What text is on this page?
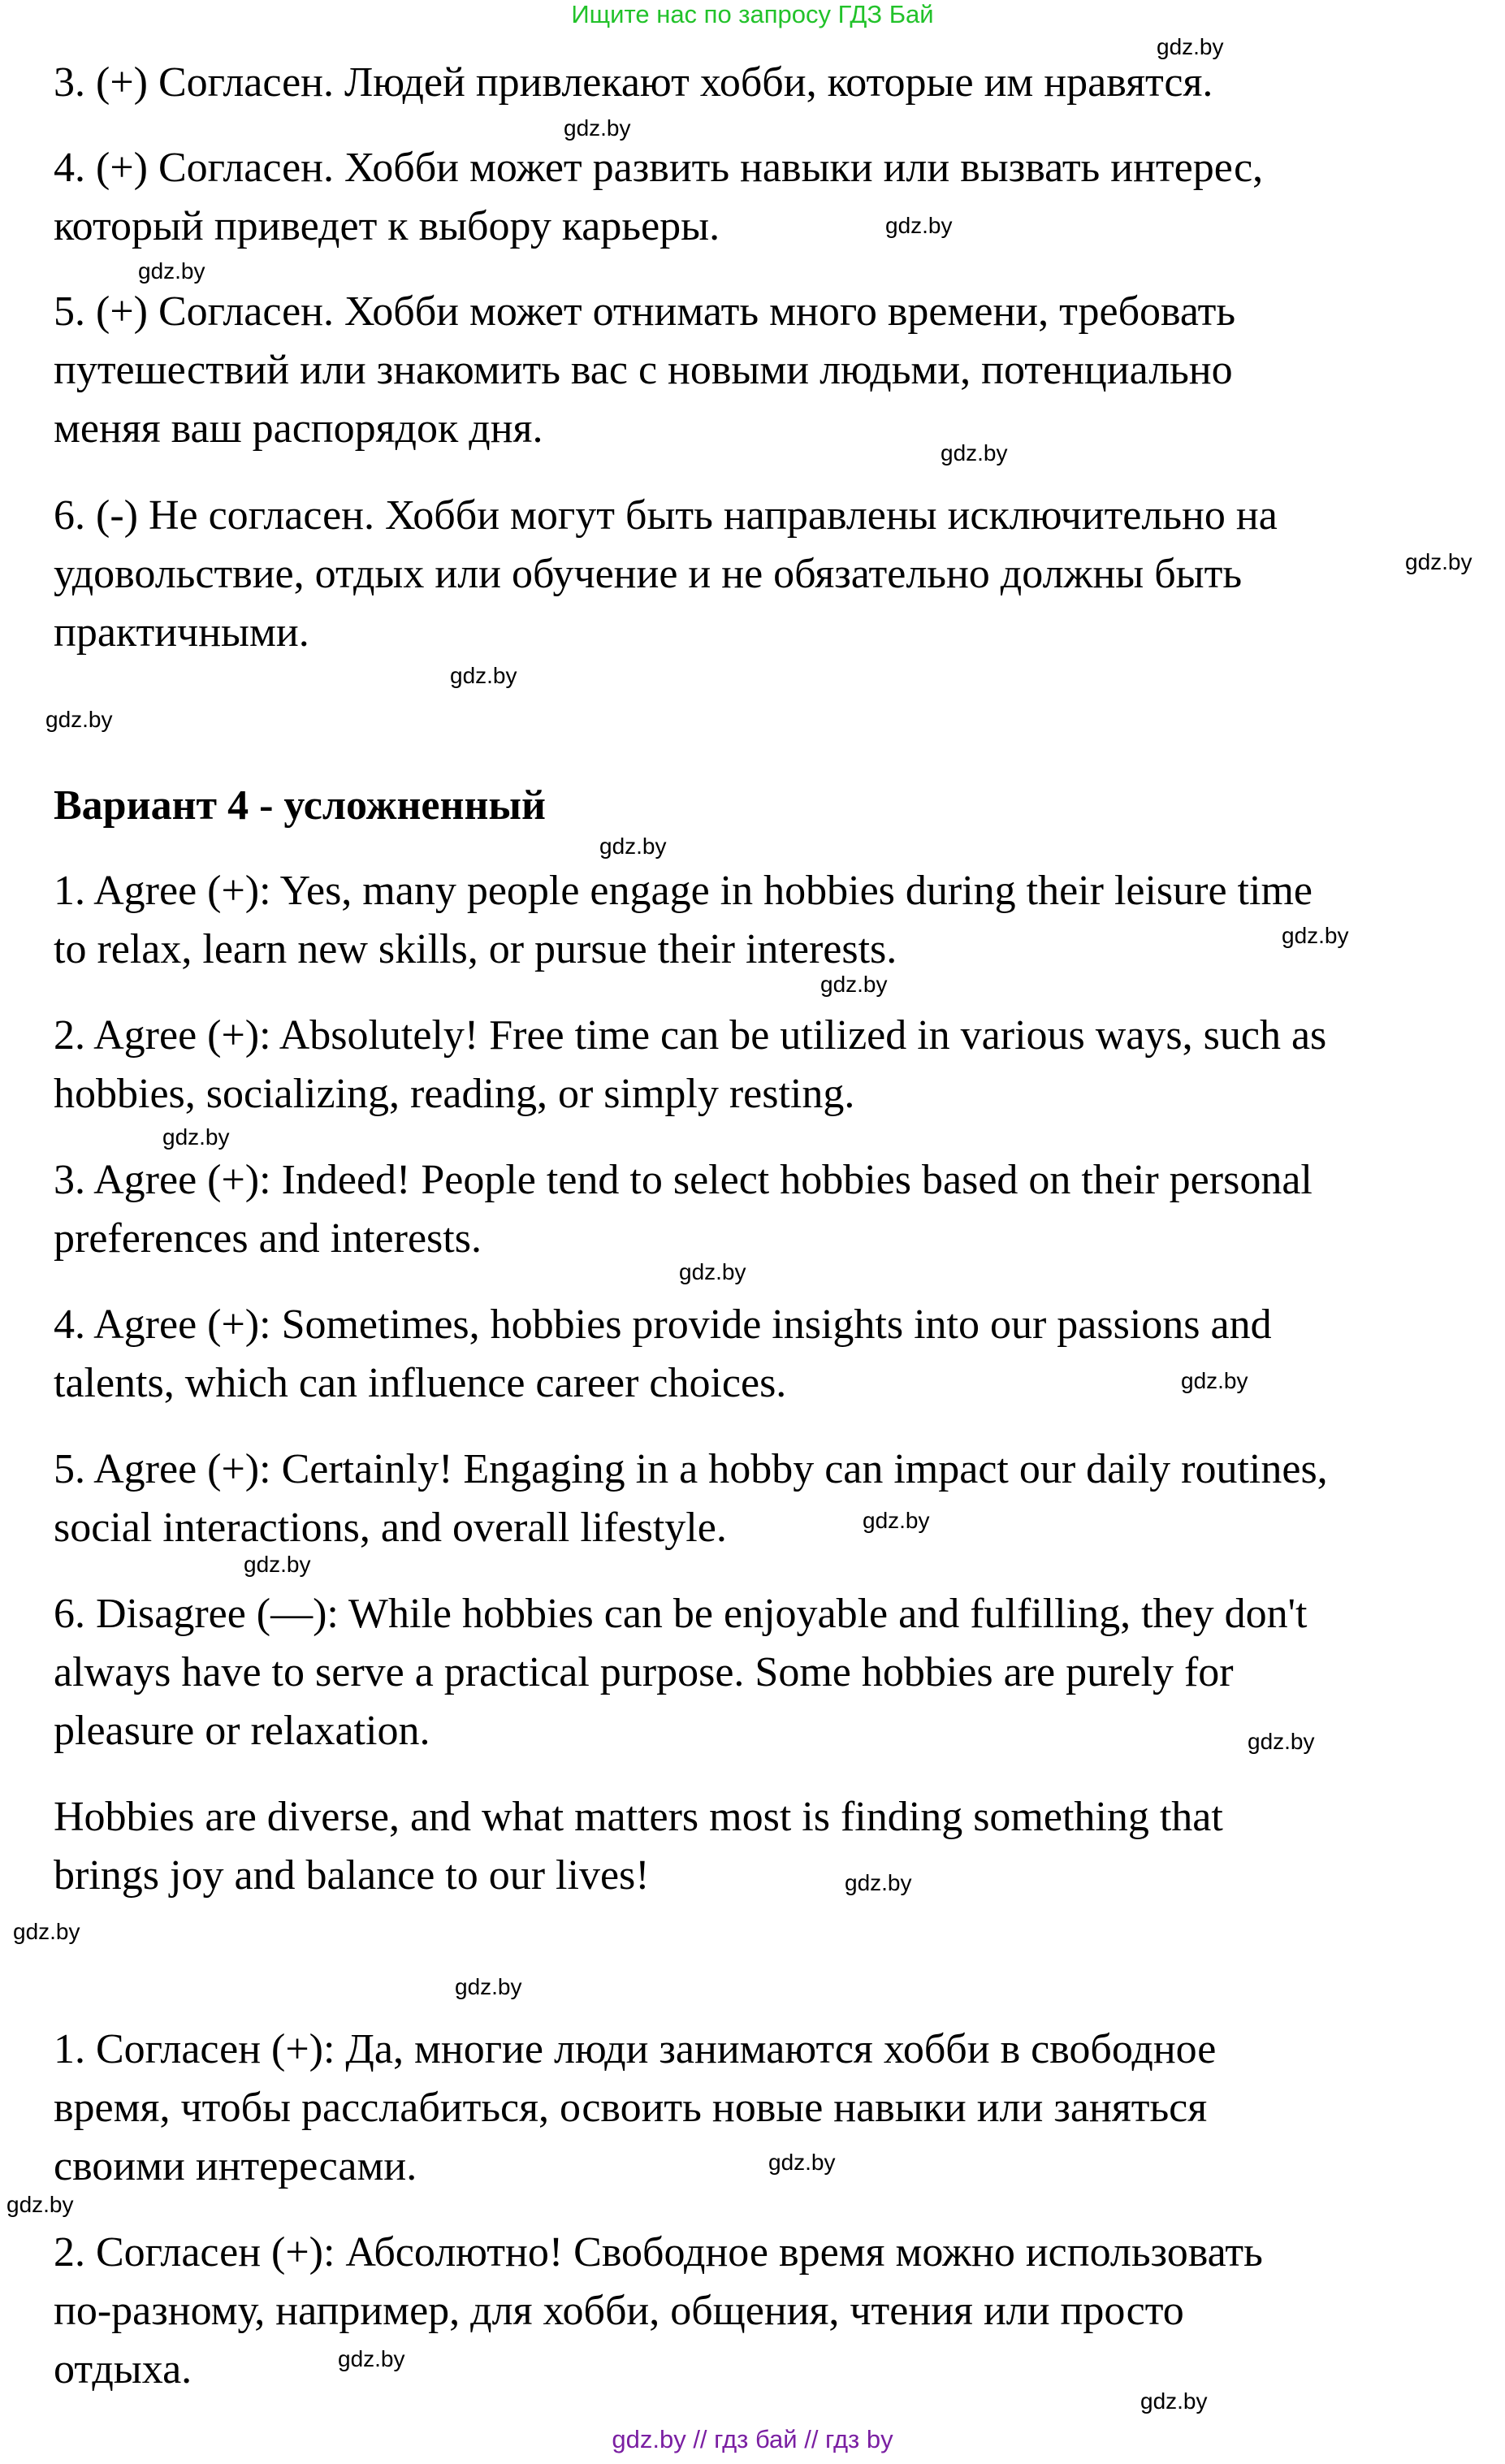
Ищите нас по запросу ГДЗ Бай
3. (+) Согласен. Людей привлекают хобби, которые им нравятся.
4. (+) Согласен. Хобби может развить навыки или вызвать интерес,
который приведет к выбору карьеры.
5. (+) Согласен. Хобби может отнимать много времени, требовать
путешествий или знакомить вас с новыми людьми, потенциально
меняя ваш распорядок дня.
6. (-) Не согласен. Хобби могут быть направлены исключительно на
удовольствие, отдых или обучение и не обязательно должны быть
практичными.
Вариант 4 - усложненный
1. Agree (+): Yes, many people engage in hobbies during their leisure time
to relax, learn new skills, or pursue their interests.
2. Agree (+): Absolutely! Free time can be utilized in various ways, such as
hobbies, socializing, reading, or simply resting.
3. Agree (+): Indeed! People tend to select hobbies based on their personal
preferences and interests.
4. Agree (+): Sometimes, hobbies provide insights into our passions and
talents, which can influence career choices.
5. Agree (+): Certainly! Engaging in a hobby can impact our daily routines,
social interactions, and overall lifestyle.
6. Disagree (—): While hobbies can be enjoyable and fulfilling, they don't
always have to serve a practical purpose. Some hobbies are purely for
pleasure or relaxation.
Hobbies are diverse, and what matters most is finding something that
brings joy and balance to our lives!
1. Согласен (+): Да, многие люди занимаются хобби в свободное
время, чтобы расслабиться, освоить новые навыки или заняться
своими интересами.
2. Согласен (+): Абсолютно! Свободное время можно использовать
по-разному, например, для хобби, общения, чтения или просто
отдыха.
gdz.by
gdz.by
gdz.by
gdz.by
gdz.by
gdz.by
gdz.by
gdz.by
gdz.by
gdz.by
gdz.by
gdz.by
gdz.by
gdz.by
gdz.by
gdz.by
gdz.by
gdz.by
gdz.by
gdz.by
gdz.by
gdz.by
gdz.by
gdz.by
gdz.by // гдз бай // гдз by
